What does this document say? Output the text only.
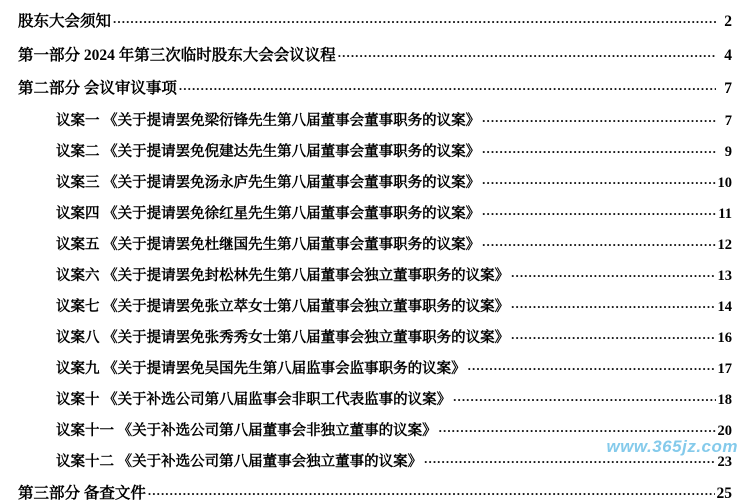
股东大会须知 .....	2
第一部分 2024 年第三次临时股东大会会议议程 .....	4
第二部分 会议审议事项 .....	7
议案一 《关于提请罢免梁衍锋先生第八届董事会董事职务的议案》 .....	7
议案二 《关于提请罢免倪建达先生第八届董事会董事职务的议案》 .....	9
议案三 《关于提请罢免汤永庐先生第八届董事会董事职务的议案》 .....	10
议案四 《关于提请罢免徐红星先生第八届董事会董事职务的议案》 .....	11
议案五 《关于提请罢免杜继国先生第八届董事会董事职务的议案》 .....	12
议案六 《关于提请罢免封松林先生第八届董事会独立董事职务的议案》 .....	13
议案七 《关于提请罢免张立萃女士第八届董事会独立董事职务的议案》 .....	14
议案八 《关于提请罢免张秀秀女士第八届董事会独立董事职务的议案》 .....	16
议案九 《关于提请罢免吴国先生第八届监事会监事职务的议案》 .....	17
议案十 《关于补选公司第八届监事会非职工代表监事的议案》 .....	18
议案十一 《关于补选公司第八届董事会非独立董事的议案》 .....	20
议案十二 《关于补选公司第八届董事会独立董事的议案》 .....	23
第三部分 备查文件 .....	25
www.365jz.com
